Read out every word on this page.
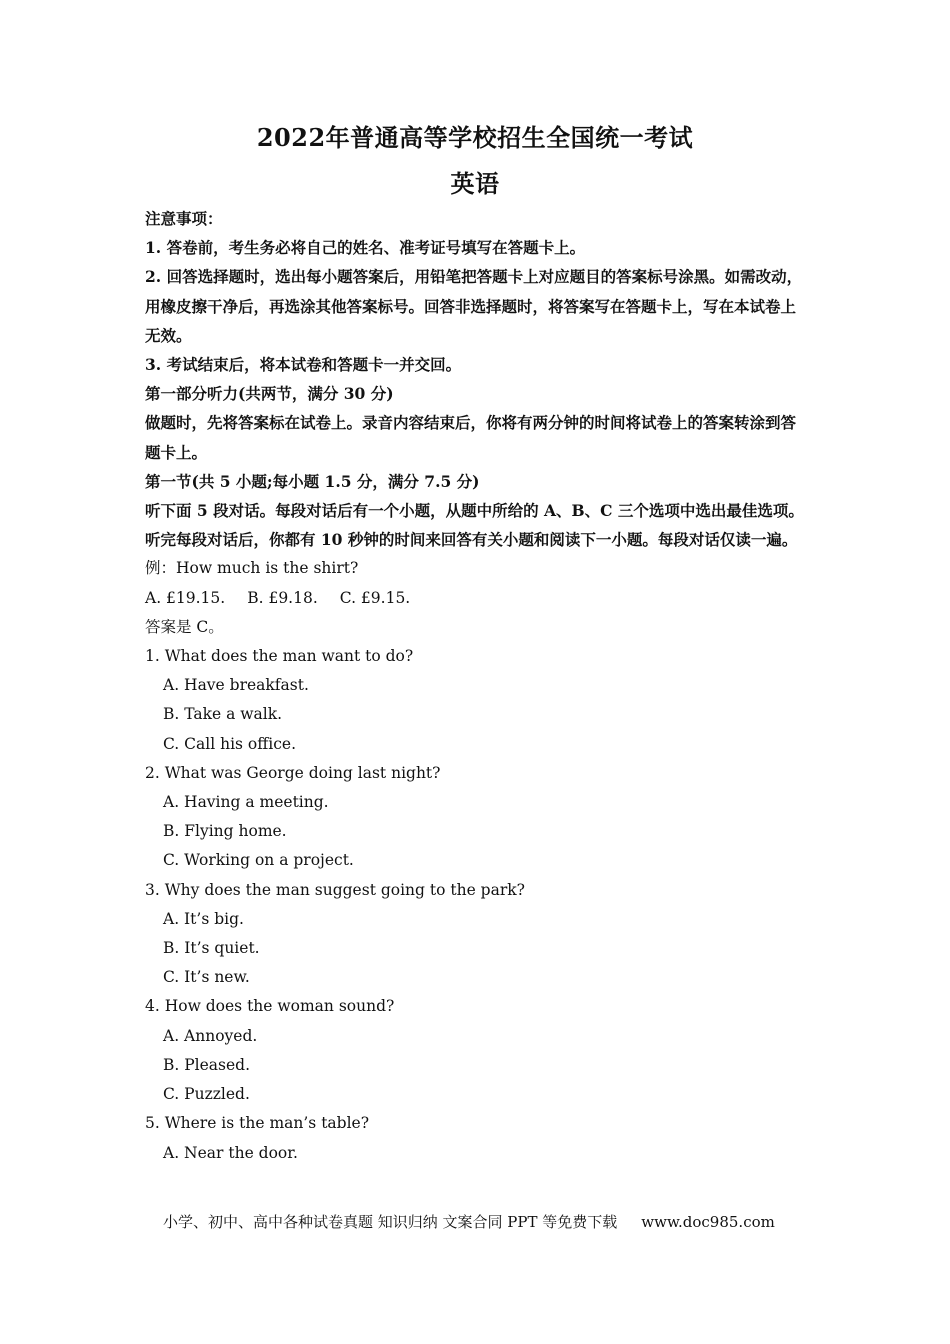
2022年普通高等学校招生全国统一考试
英语

注意事项：

1. 答卷前，考生务必将自己的姓名、准考证号填写在答题卡上。

2. 回答选择题时，选出每小题答案后，用铅笔把答题卡上对应题目的答案标号涂黑。如需改动，用橡皮擦干净后，再选涂其他答案标号。回答非选择题时，将答案写在答题卡上，写在本试卷上无效。

3. 考试结束后，将本试卷和答题卡一并交回。

第一部分听力(共两节，满分 30 分)

做题时，先将答案标在试卷上。录音内容结束后，你将有两分钟的时间将试卷上的答案转涂到答题卡上。

第一节(共 5 小题;每小题 1.5 分，满分 7.5 分)

听下面 5 段对话。每段对话后有一个小题，从题中所给的 A、B、C 三个选项中选出最佳选项。听完每段对话后，你都有 10 秒钟的时间来回答有关小题和阅读下一小题。每段对话仅读一遍。

例：How much is the shirt?

A. £19.15. B. £9.18. C. £9.15.

答案是 C。

1. What does the man want to do?

A. Have breakfast.

B. Take a walk.

C. Call his office.

2. What was George doing last night?

A. Having a meeting.

B. Flying home.

C. Working on a project.

3. Why does the man suggest going to the park?

A. It’s big.

B. It’s quiet.

C. It’s new.

4. How does the woman sound?

A. Annoyed.

B. Pleased.

C. Puzzled.

5. Where is the man’s table?

A. Near the door.

小学、初中、高中各种试卷真题 知识归纳 文案合同 PPT 等免费下载 www.doc985.com
